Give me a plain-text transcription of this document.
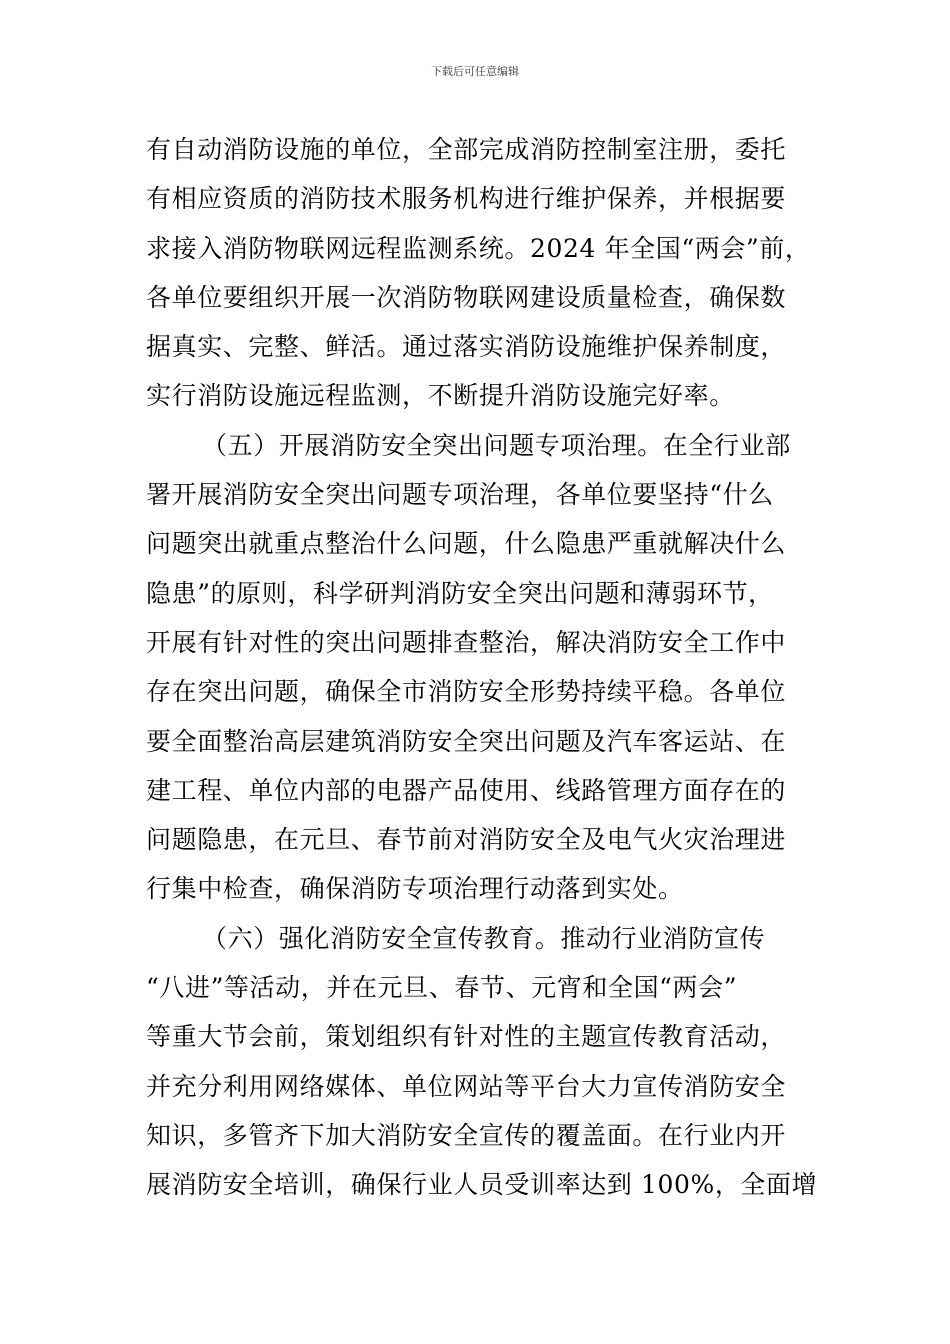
下载后可任意编辑
有自动消防设施的单位，全部完成消防控制室注册，委托
有相应资质的消防技术服务机构进行维护保养，并根据要
求接入消防物联网远程监测系统。2024 年全国“两会”前，
各单位要组织开展一次消防物联网建设质量检查，确保数
据真实、完整、鲜活。通过落实消防设施维护保养制度，
实行消防设施远程监测，不断提升消防设施完好率。
（五）开展消防安全突出问题专项治理。在全行业部
署开展消防安全突出问题专项治理，各单位要坚持“什么
问题突出就重点整治什么问题，什么隐患严重就解决什么
隐患”的原则，科学研判消防安全突出问题和薄弱环节，
开展有针对性的突出问题排查整治，解决消防安全工作中
存在突出问题，确保全市消防安全形势持续平稳。各单位
要全面整治高层建筑消防安全突出问题及汽车客运站、在
建工程、单位内部的电器产品使用、线路管理方面存在的
问题隐患，在元旦、春节前对消防安全及电气火灾治理进
行集中检查，确保消防专项治理行动落到实处。
（六）强化消防安全宣传教育。推动行业消防宣传
“八进”等活动，并在元旦、春节、元宵和全国“两会”
等重大节会前，策划组织有针对性的主题宣传教育活动，
并充分利用网络媒体、单位网站等平台大力宣传消防安全
知识，多管齐下加大消防安全宣传的覆盖面。在行业内开
展消防安全培训，确保行业人员受训率达到 100%，全面增
